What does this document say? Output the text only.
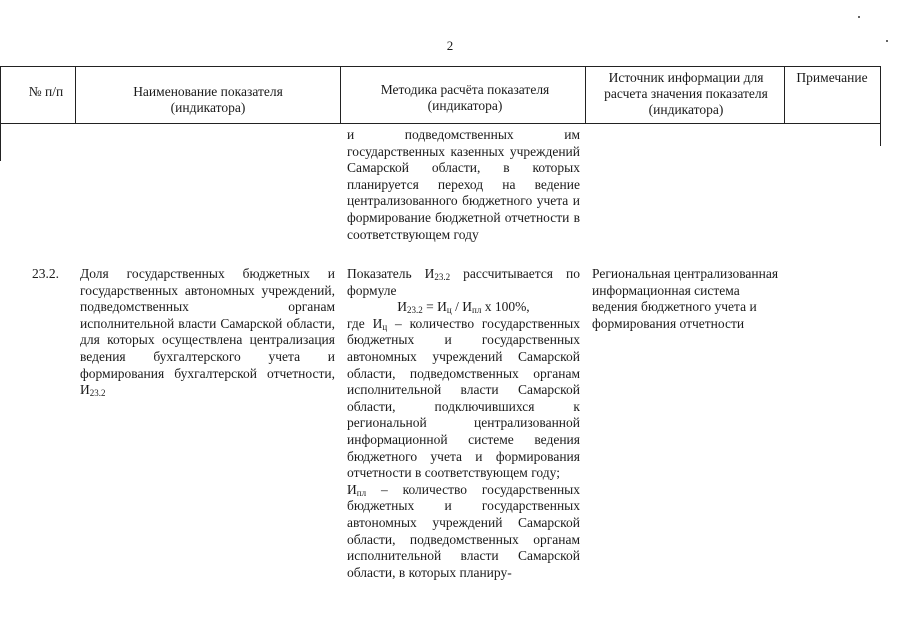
2
№ п/п	Наименование показателя (индикатора)
Методика расчёта показателя (индикатора)
Источник информации для расчета значения показателя (индикатора)
Примечание
и подведомственных им государственных казенных учреждений Самарской области, в которых планируется переход на ведение централизованного бюджетного учета и формирование бюджетной отчетности в соответствующем году
23.2.	Доля государственных бюджетных и государственных автономных учреждений, подведомственных органам исполнительной власти Самарской области, для которых осуществлена централизация ведения бухгалтерского учета и формирования бухгалтерской отчетности, $И_{23.2}$

Показатель $И_{23.2}$ рассчитывается по формуле

$И_{23.2} = И_ц / И_{пл}$ х 100%,

где $И_ц$ – количество государственных бюджетных и государственных автономных учреждений Самарской области, подведомственных органам исполнительной власти Самарской области, подключившихся к региональной централизованной информационной системе ведения бюджетного учета и формирования отчетности в соответствующем году;

$И_{пл}$ – количество государственных бюджетных и государственных автономных учреждений Самарской области, подведомственных органам исполнительной власти Самарской области, в которых планиру-

Региональная централизованная информационная система ведения бюджетного учета и формирования отчетности
